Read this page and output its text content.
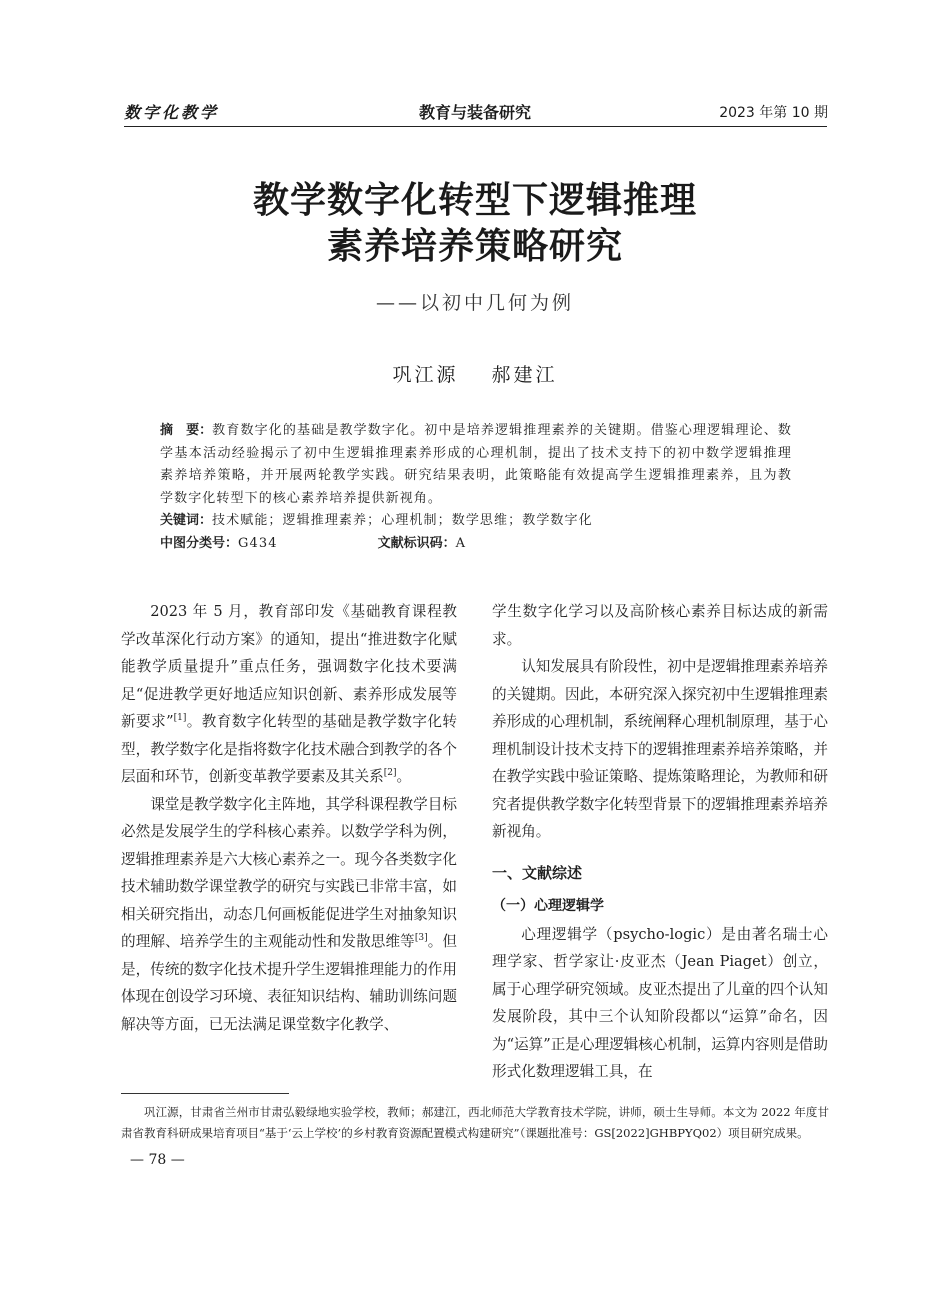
数字化教学	教育与装备研究	2023 年第 10 期
教学数字化转型下逻辑推理
素养培养策略研究
——以初中几何为例
巩江源 郝建江
摘　要：教育数字化的基础是教学数字化。初中是培养逻辑推理素养的关键期。借鉴心理逻辑理论、数学基本活动经验揭示了初中生逻辑推理素养形成的心理机制，提出了技术支持下的初中数学逻辑推理素养培养策略，并开展两轮教学实践。研究结果表明，此策略能有效提高学生逻辑推理素养，且为教学数字化转型下的核心素养培养提供新视角。
关键词：技术赋能；逻辑推理素养；心理机制；数学思维；教学数字化
中图分类号：G434	文献标识码：A

2023 年 5 月，教育部印发《基础教育课程教学改革深化行动方案》的通知，提出“推进数字化赋能教学质量提升”重点任务，强调数字化技术要满足“促进教学更好地适应知识创新、素养形成发展等新要求”[1]。教育数字化转型的基础是教学数字化转型，教学数字化是指将数字化技术融合到教学的各个层面和环节，创新变革教学要素及其关系[2]。

课堂是教学数字化主阵地，其学科课程教学目标必然是发展学生的学科核心素养。以数学学科为例，逻辑推理素养是六大核心素养之一。现今各类数字化技术辅助数学课堂教学的研究与实践已非常丰富，如相关研究指出，动态几何画板能促进学生对抽象知识的理解、培养学生的主观能动性和发散思维等[3]。但是，传统的数字化技术提升学生逻辑推理能力的作用体现在创设学习环境、表征知识结构、辅助训练问题解决等方面，已无法满足课堂数字化教学、

学生数字化学习以及高阶核心素养目标达成的新需求。

认知发展具有阶段性，初中是逻辑推理素养培养的关键期。因此，本研究深入探究初中生逻辑推理素养形成的心理机制，系统阐释心理机制原理，基于心理机制设计技术支持下的逻辑推理素养培养策略，并在教学实践中验证策略、提炼策略理论，为教师和研究者提供教学数字化转型背景下的逻辑推理素养培养新视角。

一、文献综述

（一）心理逻辑学

心理逻辑学（psycho-logic）是由著名瑞士心理学家、哲学家让·皮亚杰（Jean Piaget）创立，属于心理学研究领域。皮亚杰提出了儿童的四个认知发展阶段，其中三个认知阶段都以“运算”命名，因为“运算”正是心理逻辑核心机制，运算内容则是借助形式化数理逻辑工具，在

巩江源，甘肃省兰州市甘肃弘毅绿地实验学校，教师；郝建江，西北师范大学教育技术学院，讲师，硕士生导师。本文为 2022 年度甘肃省教育科研成果培育项目“基于‘云上学校’的乡村教育资源配置模式构建研究”（课题批准号：GS[2022]GHBPYQ02）项目研究成果。
— 78 —
